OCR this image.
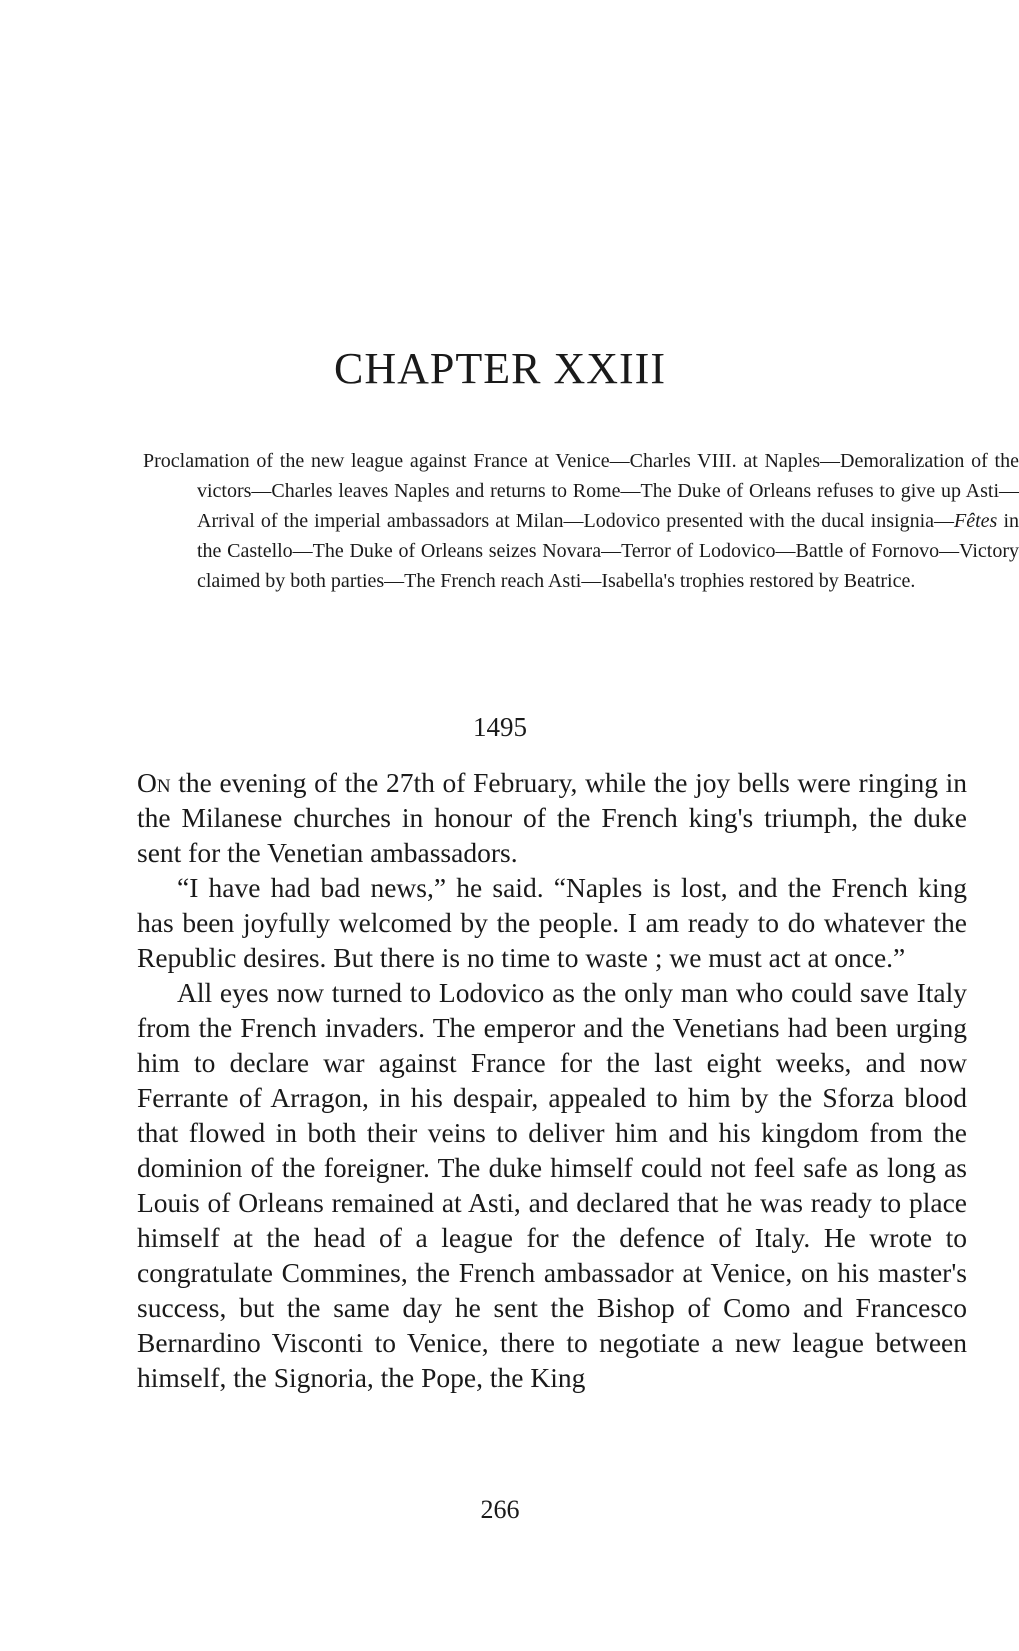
CHAPTER XXIII

Proclamation of the new league against France at Venice—Charles VIII. at Naples—Demoralization of the victors—Charles leaves Naples and returns to Rome—The Duke of Orleans refuses to give up Asti—Arrival of the imperial ambassadors at Milan—Lodovico presented with the ducal insignia—Fêtes in the Castello—The Duke of Orleans seizes Novara—Terror of Lodovico—Battle of Fornovo—Victory claimed by both parties—The French reach Asti—Isabella's trophies restored by Beatrice.

1495

On the evening of the 27th of February, while the joy bells were ringing in the Milanese churches in honour of the French king's triumph, the duke sent for the Venetian ambassadors.

“I have had bad news,” he said. “Naples is lost, and the French king has been joyfully welcomed by the people. I am ready to do whatever the Republic desires. But there is no time to waste ; we must act at once.”

All eyes now turned to Lodovico as the only man who could save Italy from the French invaders. The emperor and the Venetians had been urging him to declare war against France for the last eight weeks, and now Ferrante of Arragon, in his despair, appealed to him by the Sforza blood that flowed in both their veins to deliver him and his kingdom from the dominion of the foreigner. The duke himself could not feel safe as long as Louis of Orleans remained at Asti, and declared that he was ready to place himself at the head of a league for the defence of Italy. He wrote to congratulate Commines, the French ambassador at Venice, on his master's success, but the same day he sent the Bishop of Como and Francesco Bernardino Visconti to Venice, there to negotiate a new league between himself, the Signoria, the Pope, the King

266
